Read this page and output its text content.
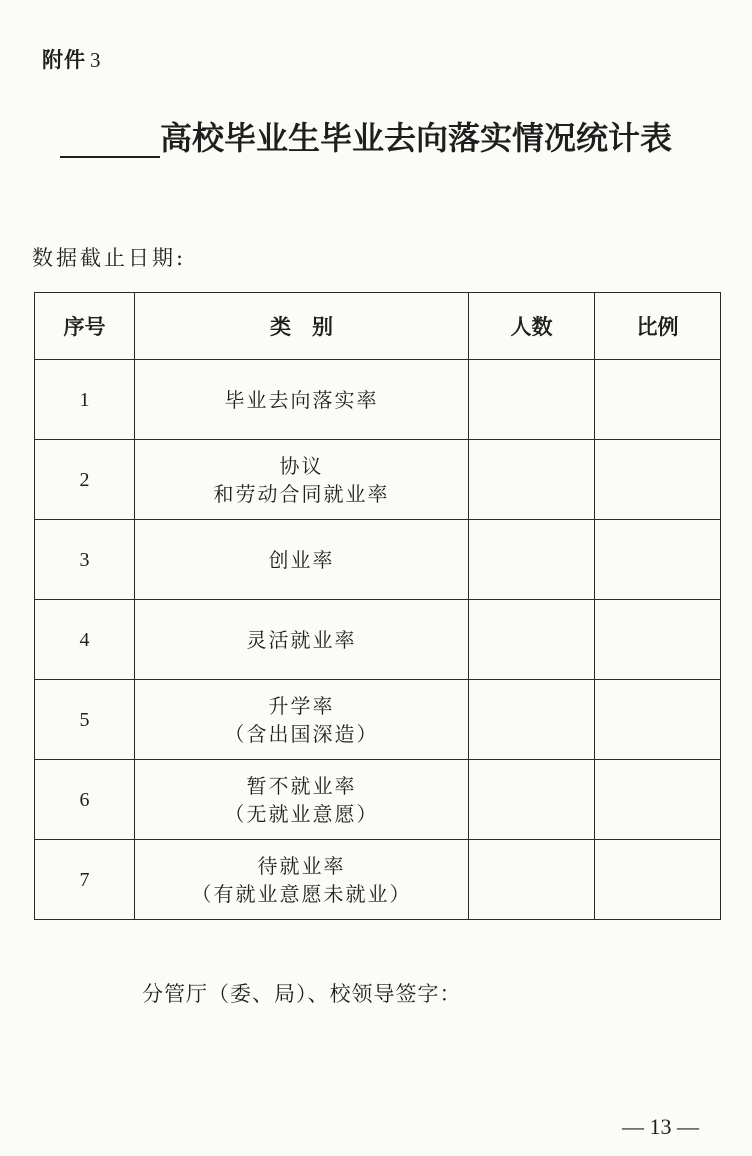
附件 3
高校毕业生毕业去向落实情况统计表
数据截止日期:
序号	类　别	人数	比例
1	毕业去向落实率		

2	协议
和劳动合同就业率		

3	创业率		

4	灵活就业率		

5	升学率
（含出国深造）		

6	暂不就业率
（无就业意愿）		

7	待就业率
（有就业意愿未就业）		

分管厅（委、局）、校领导签字：
— 13 —
